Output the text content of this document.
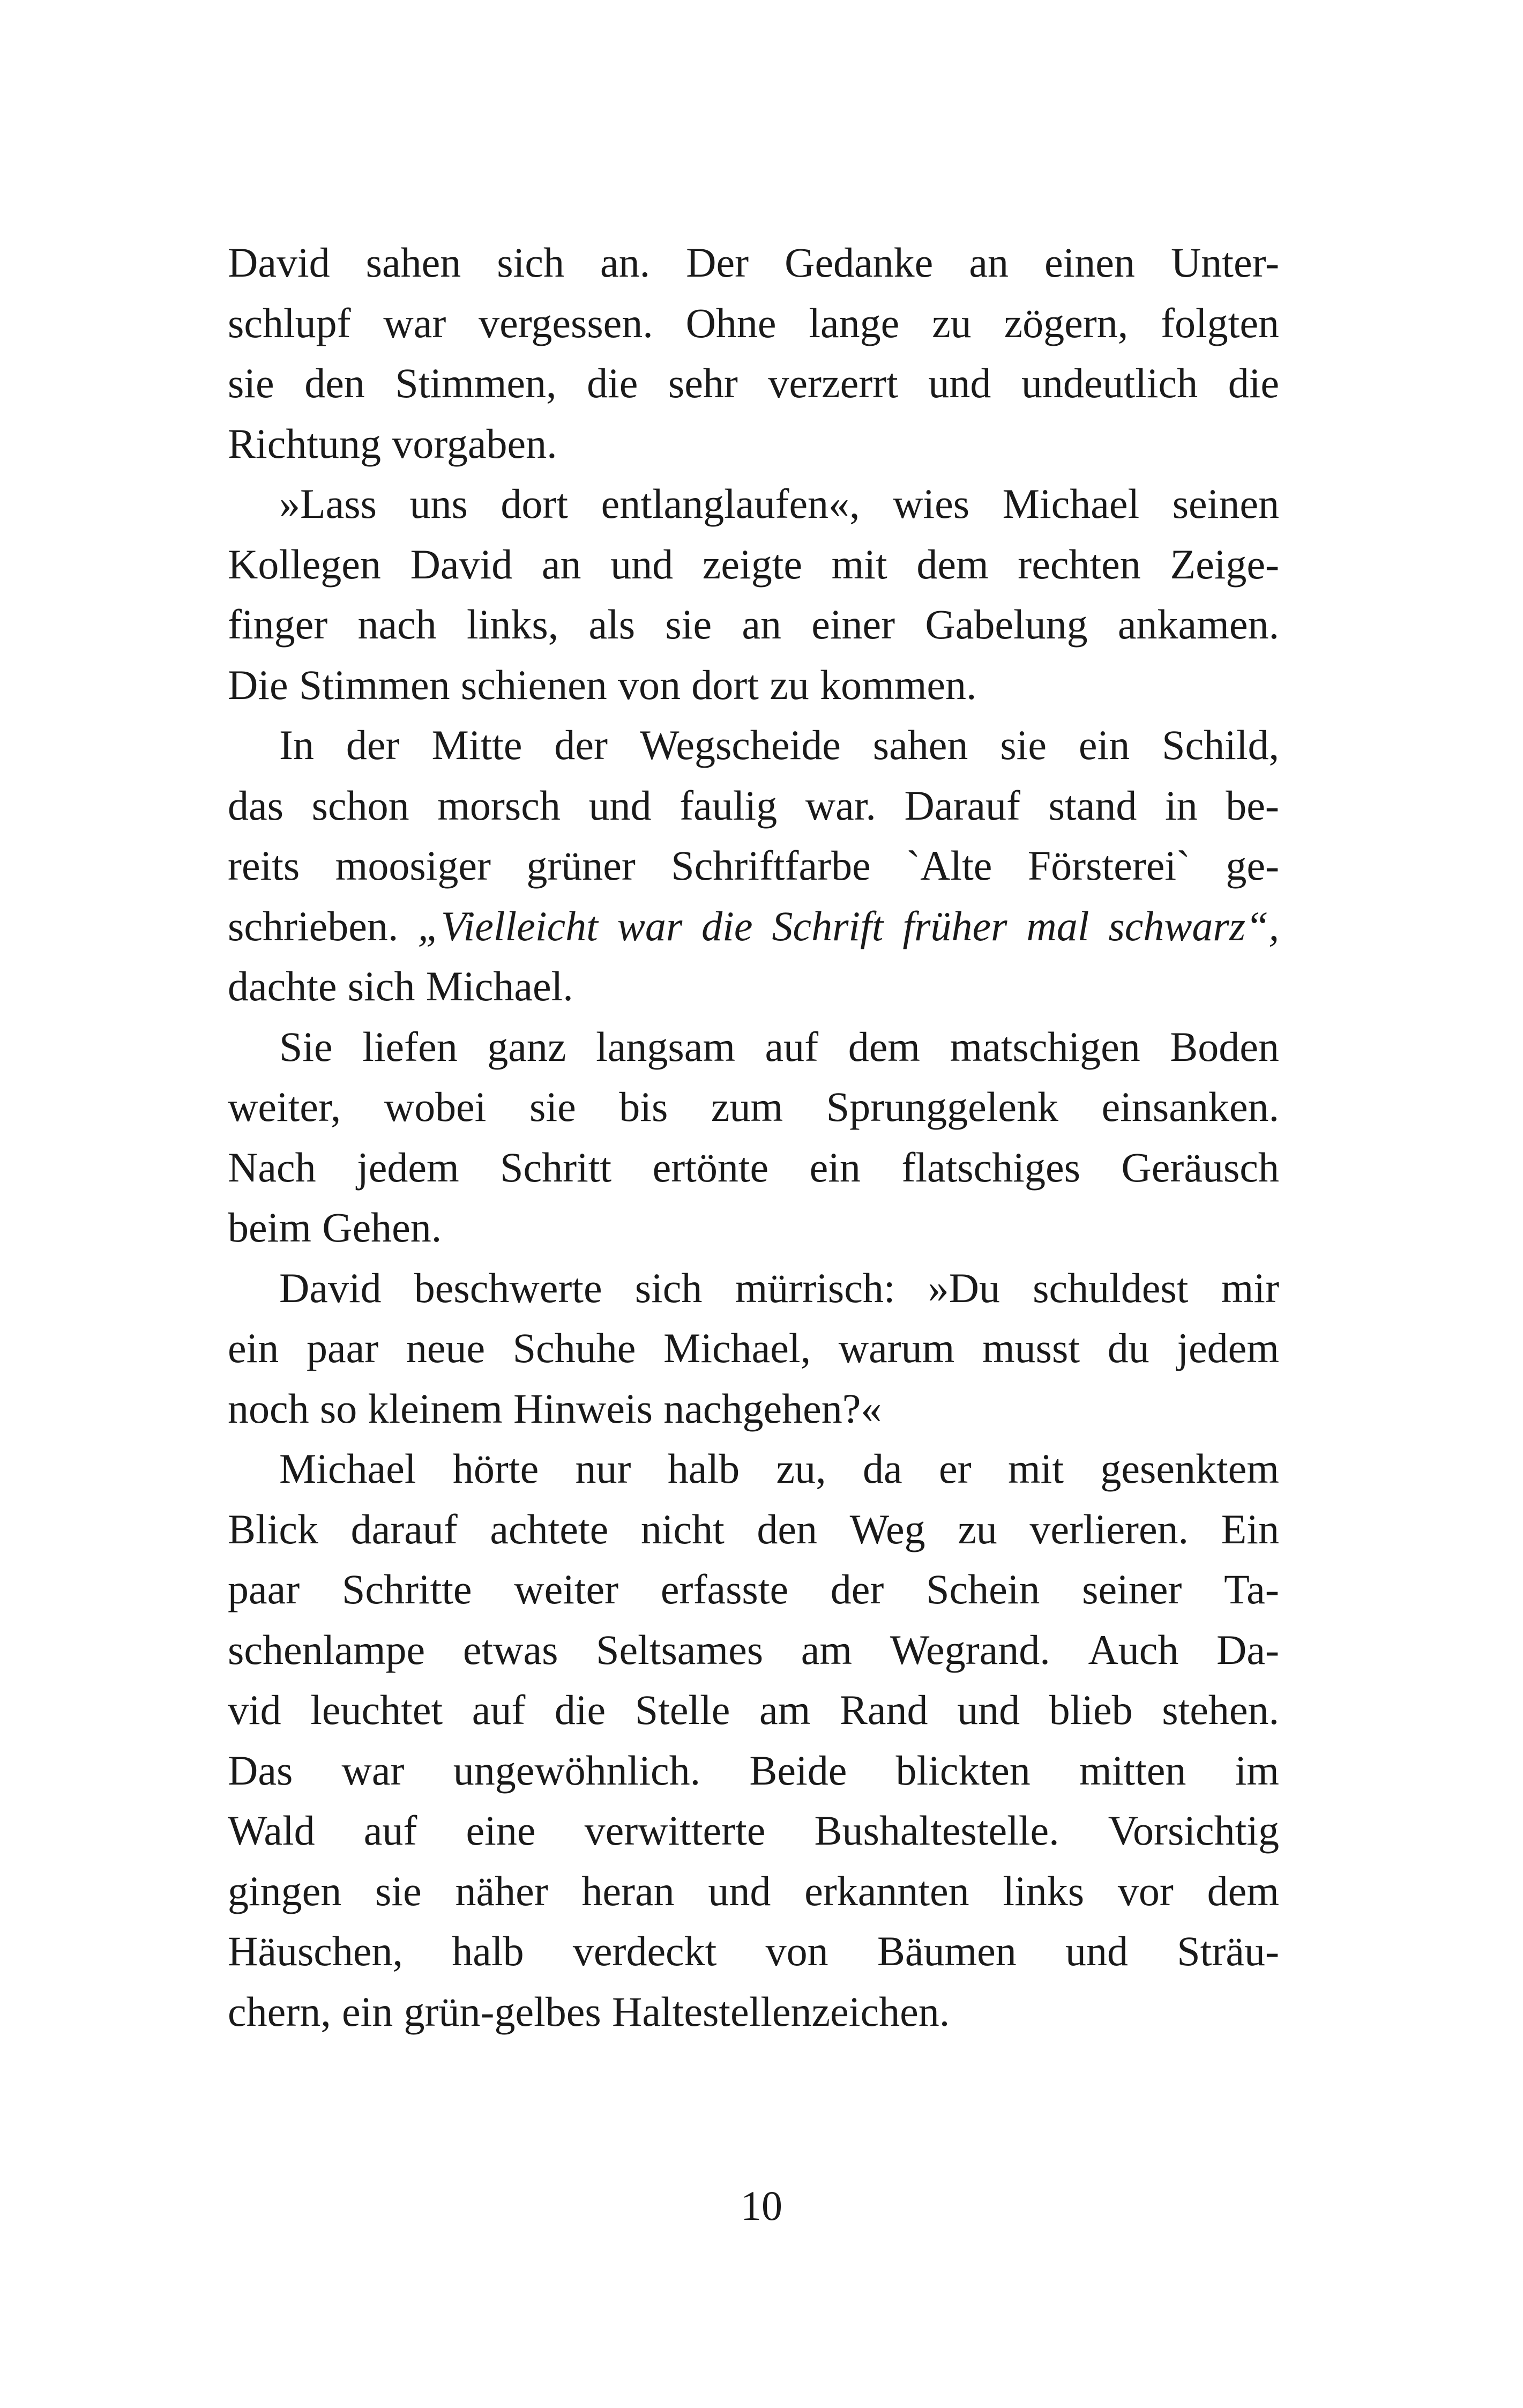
David sahen sich an. Der Gedanke an einen Unter-
schlupf war vergessen. Ohne lange zu zögern, folgten
sie den Stimmen, die sehr verzerrt und undeutlich die
Richtung vorgaben.
»Lass uns dort entlanglaufen«, wies Michael seinen
Kollegen David an und zeigte mit dem rechten Zeige-
finger nach links, als sie an einer Gabelung ankamen.
Die Stimmen schienen von dort zu kommen.
In der Mitte der Wegscheide sahen sie ein Schild,
das schon morsch und faulig war. Darauf stand in be-
reits moosiger grüner Schriftfarbe `Alte Försterei` ge-
schrieben. „Vielleicht war die Schrift früher mal schwarz“,
dachte sich Michael.
Sie liefen ganz langsam auf dem matschigen Boden
weiter, wobei sie bis zum Sprunggelenk einsanken.
Nach jedem Schritt ertönte ein flatschiges Geräusch
beim Gehen.
David beschwerte sich mürrisch: »Du schuldest mir
ein paar neue Schuhe Michael, warum musst du jedem
noch so kleinem Hinweis nachgehen?«
Michael hörte nur halb zu, da er mit gesenktem
Blick darauf achtete nicht den Weg zu verlieren. Ein
paar Schritte weiter erfasste der Schein seiner Ta-
schenlampe etwas Seltsames am Wegrand. Auch Da-
vid leuchtet auf die Stelle am Rand und blieb stehen.
Das war ungewöhnlich. Beide blickten mitten im
Wald auf eine verwitterte Bushaltestelle. Vorsichtig
gingen sie näher heran und erkannten links vor dem
Häuschen, halb verdeckt von Bäumen und Sträu-
chern, ein grün-gelbes Haltestellenzeichen.
10
